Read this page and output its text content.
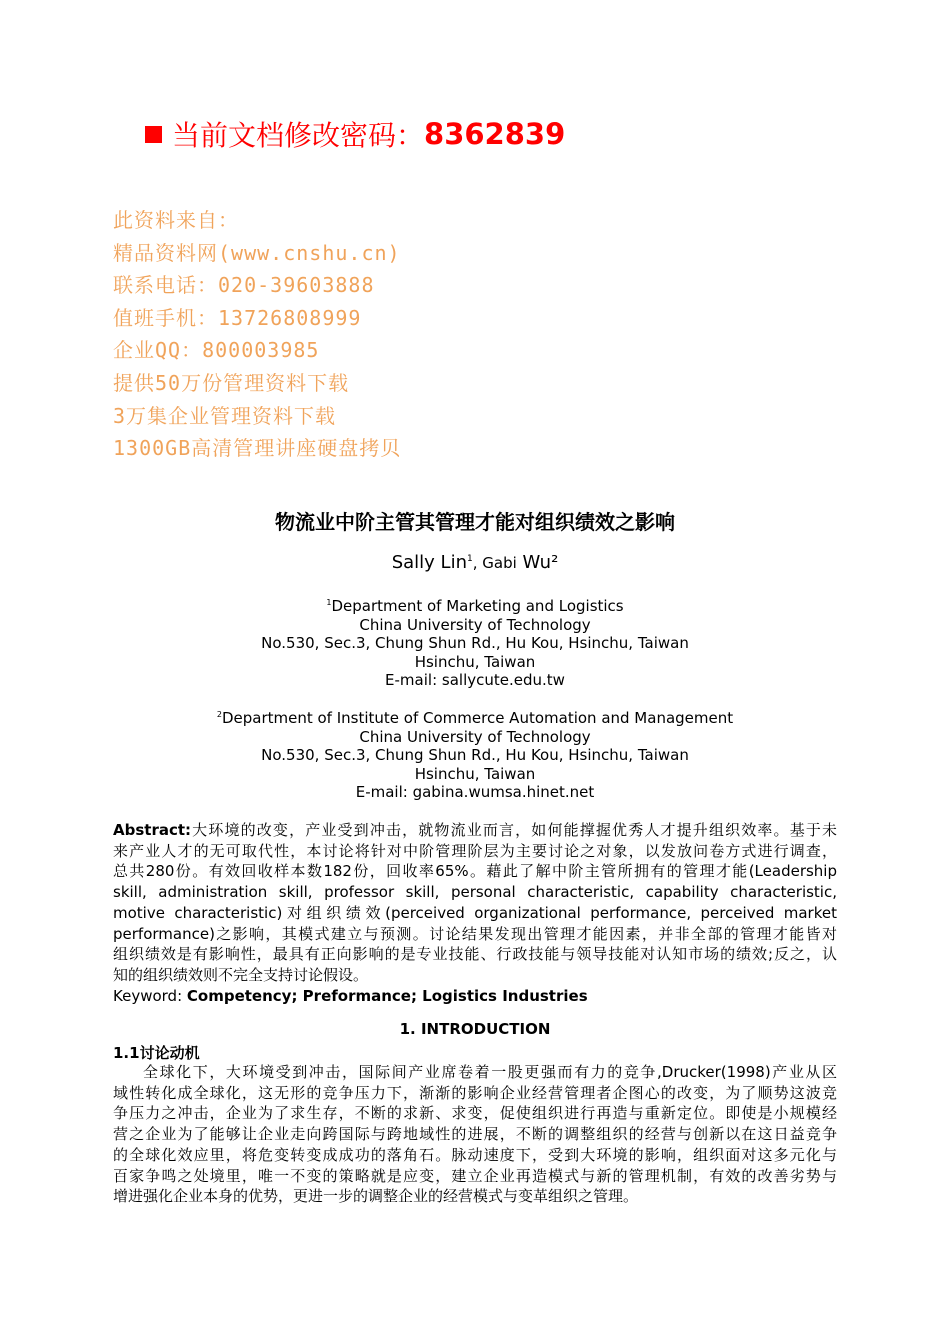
当前文档修改密码： 8362839
此资料来自：
精品资料网(www.cnshu.cn)
联系电话：020-39603888
值班手机：13726808999
企业QQ：800003985
提供50万份管理资料下载
3万集企业管理资料下载
1300GB高清管理讲座硬盘拷贝
物流业中阶主管其管理才能对组织绩效之影响
Sally Lin$^1$, Gabi Wu²
$^1$Department of Marketing and Logistics
China University of Technology
No.530, Sec.3, Chung Shun Rd., Hu Kou, Hsinchu, Taiwan
Hsinchu, Taiwan
E-mail: sallycute.edu.tw
$^2$Department of Institute of Commerce Automation and Management
China University of Technology
No.530, Sec.3, Chung Shun Rd., Hu Kou, Hsinchu, Taiwan
Hsinchu, Taiwan
E-mail: gabina.wumsa.hinet.net
Abstract:大环境的改变，产业受到冲击，就物流业而言，如何能撑握优秀人才提升组织效率。基于未
来产业人才的无可取代性，本讨论将针对中阶管理阶层为主要讨论之对象，以发放问卷方式进行调查，
总共280份。有效回收样本数182份，回收率65%。藉此了解中阶主管所拥有的管理才能(Leadership
skill, administration skill, professor skill, personal characteristic, capability characteristic,
motive characteristic)对组织绩效(perceived organizational performance, perceived market
performance)之影响，其模式建立与预测。讨论结果发现出管理才能因素，并非全部的管理才能皆对
组织绩效是有影响性，最具有正向影响的是专业技能、行政技能与领导技能对认知市场的绩效;反之，认
知的组织绩效则不完全支持讨论假设。
Keyword: Competency; Preformance; Logistics Industries
1. INTRODUCTION
1.1讨论动机
全球化下，大环境受到冲击，国际间产业席卷着一股更强而有力的竞争,Drucker(1998)产业从区
域性转化成全球化，这无形的竞争压力下，渐渐的影响企业经营管理者企图心的改变，为了顺势这波竞
争压力之冲击，企业为了求生存，不断的求新、求变，促使组织进行再造与重新定位。即使是小规模经
营之企业为了能够让企业走向跨国际与跨地域性的进展，不断的调整组织的经营与创新以在这日益竞争
的全球化效应里，将危变转变成成功的落角石。脉动速度下，受到大环境的影响，组织面对这多元化与
百家争鸣之处境里，唯一不变的策略就是应变，建立企业再造模式与新的管理机制，有效的改善劣势与
增进强化企业本身的优势，更进一步的调整企业的经营模式与变革组织之管理。
